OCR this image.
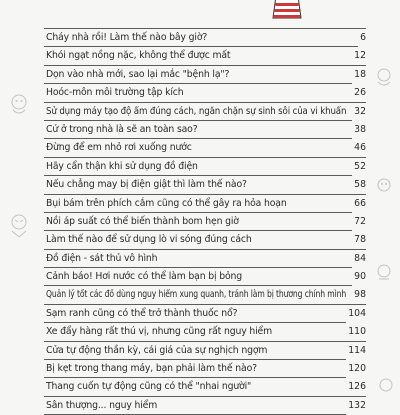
Cháy nhà rồi! Làm thế nào bây giờ?	6
Khói ngạt nồng nặc, không thể được mất	12
Dọn vào nhà mới, sao lại mắc "bệnh lạ"?	18
Hoóc-môn môi trường tập kích	26
Sử dụng máy tạo độ ẩm đúng cách, ngăn chặn sự sinh sôi của vi khuẩn 32
Cứ ở trong nhà là sẽ an toàn sao?	38
Đừng để em nhỏ rơi xuống nước	46
Hãy cẩn thận khi sử dụng đồ điện	52
Nếu chẳng may bị điện giật thì làm thế nào?	58
Bụi bám trên phích cắm cũng có thể gây ra hỏa hoạn	66
Nồi áp suất có thể biến thành bom hẹn giờ	72
Làm thế nào để sử dụng lò vi sóng đúng cách	78
Đồ điện - sát thủ vô hình	84
Cảnh báo! Hơi nước có thể làm bạn bị bỏng	90
Quản lý tốt các đồ dùng nguy hiểm xung quanh, tránh làm bị thương chính mình 98
Sạm ranh cũng có thể trở thành thuốc nổ?	104
Xe đẩy hàng rất thú vị, nhưng cũng rất nguy hiểm	110
Cửa tự động thần kỳ, cái giá của sự nghịch ngợm	114
Bị kẹt trong thang máy, bạn phải làm thế nào?	120
Thang cuốn tự động cũng có thể "nhai người"	126
Sân thượng... nguy hiểm	132
